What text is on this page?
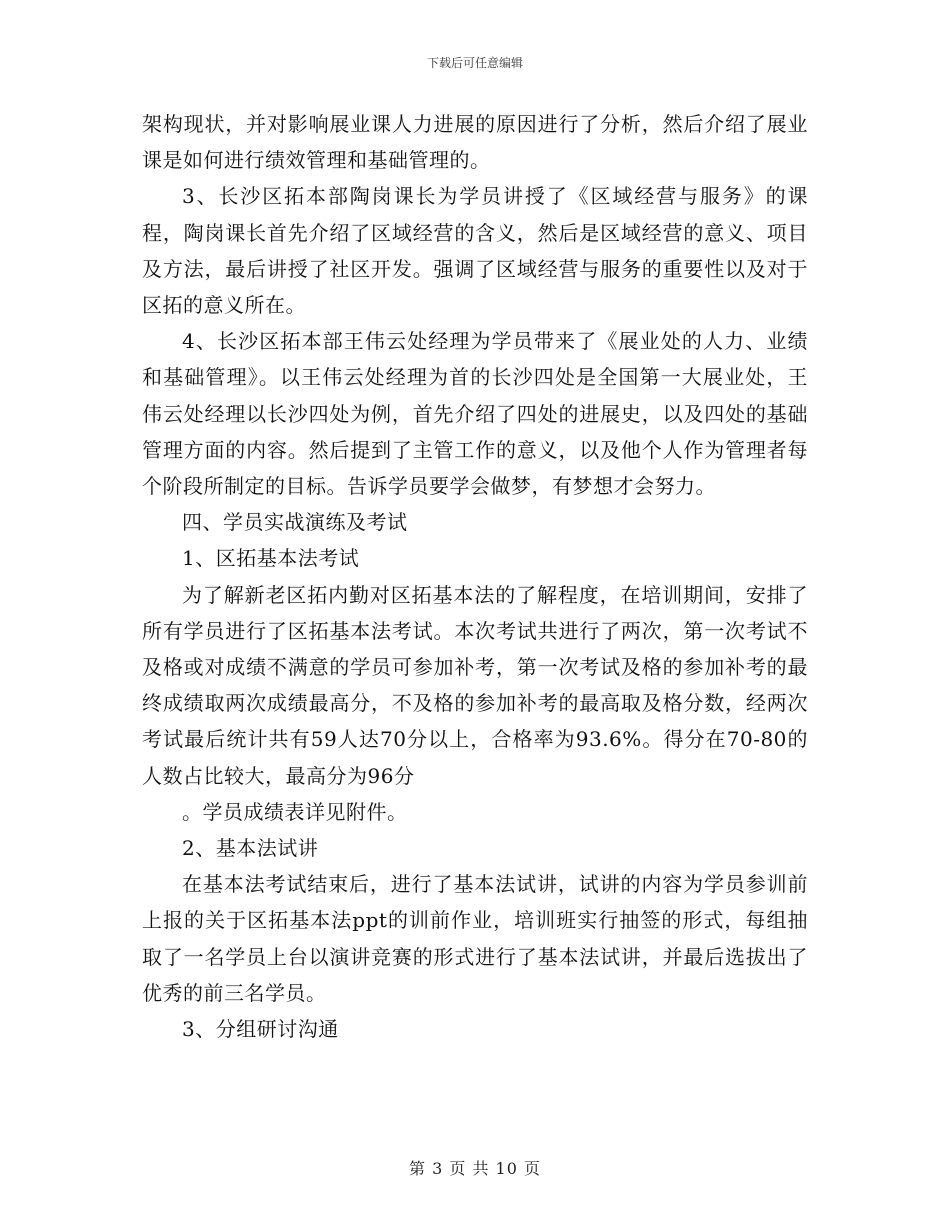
下载后可任意编辑

架构现状，并对影响展业课人力进展的原因进行了分析，然后介绍了展业课是如何进行绩效管理和基础管理的。

3、长沙区拓本部陶岗课长为学员讲授了《区域经营与服务》的课程，陶岗课长首先介绍了区域经营的含义，然后是区域经营的意义、项目及方法，最后讲授了社区开发。强调了区域经营与服务的重要性以及对于区拓的意义所在。

4、长沙区拓本部王伟云处经理为学员带来了《展业处的人力、业绩和基础管理》。以王伟云处经理为首的长沙四处是全国第一大展业处，王伟云处经理以长沙四处为例，首先介绍了四处的进展史，以及四处的基础管理方面的内容。然后提到了主管工作的意义，以及他个人作为管理者每个阶段所制定的目标。告诉学员要学会做梦，有梦想才会努力。

四、学员实战演练及考试

1、区拓基本法考试

为了解新老区拓内勤对区拓基本法的了解程度，在培训期间，安排了所有学员进行了区拓基本法考试。本次考试共进行了两次，第一次考试不及格或对成绩不满意的学员可参加补考，第一次考试及格的参加补考的最终成绩取两次成绩最高分，不及格的参加补考的最高取及格分数，经两次考试最后统计共有59人达70分以上，合格率为93.6%。得分在70-80的人数占比较大，最高分为96分

。学员成绩表详见附件。

2、基本法试讲

在基本法考试结束后，进行了基本法试讲，试讲的内容为学员参训前上报的关于区拓基本法ppt的训前作业，培训班实行抽签的形式，每组抽取了一名学员上台以演讲竞赛的形式进行了基本法试讲，并最后选拔出了优秀的前三名学员。

3、分组研讨沟通

第 3 页 共 10 页
